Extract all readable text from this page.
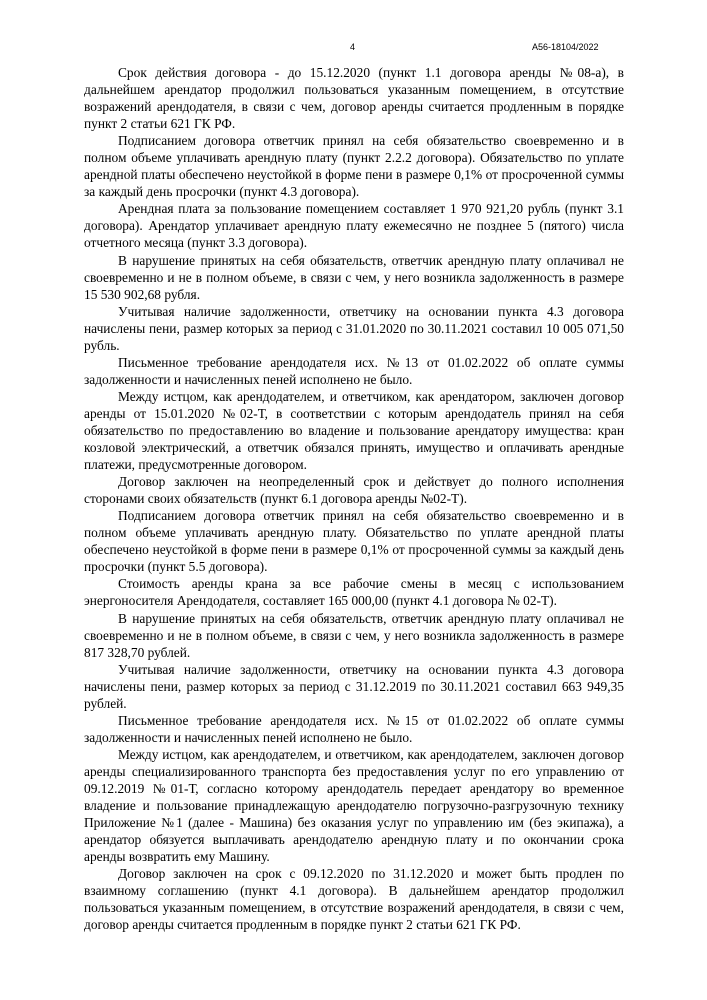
4	А56-18104/2022

Срок действия договора - до 15.12.2020 (пункт 1.1 договора аренды №08-а), в дальнейшем арендатор продолжил пользоваться указанным помещением, в отсутствие возражений арендодателя, в связи с чем, договор аренды считается продленным в порядке пункт 2 статьи 621 ГК РФ.

Подписанием договора ответчик принял на себя обязательство своевременно и в полном объеме уплачивать арендную плату (пункт 2.2.2 договора). Обязательство по уплате арендной платы обеспечено неустойкой в форме пени в размере 0,1% от просроченной суммы за каждый день просрочки (пункт 4.3 договора).

Арендная плата за пользование помещением составляет 1 970 921,20 рубль (пункт 3.1 договора). Арендатор уплачивает арендную плату ежемесячно не позднее 5 (пятого) числа отчетного месяца (пункт 3.3 договора).

В нарушение принятых на себя обязательств, ответчик арендную плату оплачивал не своевременно и не в полном объеме, в связи с чем, у него возникла задолженность в размере 15 530 902,68 рубля.

Учитывая наличие задолженности, ответчику на основании пункта 4.3 договора начислены пени, размер которых за период с 31.01.2020 по 30.11.2021 составил 10 005 071,50 рубль.

Письменное требование арендодателя исх. №13 от 01.02.2022 об оплате суммы задолженности и начисленных пеней исполнено не было.

Между истцом, как арендодателем, и ответчиком, как арендатором, заключен договор аренды от 15.01.2020 №02-Т, в соответствии с которым арендодатель принял на себя обязательство по предоставлению во владение и пользование арендатору имущества: кран козловой электрический, а ответчик обязался принять, имущество и оплачивать арендные платежи, предусмотренные договором.

Договор заключен на неопределенный срок и действует до полного исполнения сторонами своих обязательств (пункт 6.1 договора аренды №02-Т).

Подписанием договора ответчик принял на себя обязательство своевременно и в полном объеме уплачивать арендную плату. Обязательство по уплате арендной платы обеспечено неустойкой в форме пени в размере 0,1% от просроченной суммы за каждый день просрочки (пункт 5.5 договора).

Стоимость аренды крана за все рабочие смены в месяц с использованием энергоносителя Арендодателя, составляет 165 000,00 (пункт 4.1 договора № 02-Т).

В нарушение принятых на себя обязательств, ответчик арендную плату оплачивал не своевременно и не в полном объеме, в связи с чем, у него возникла задолженность в размере 817 328,70 рублей.

Учитывая наличие задолженности, ответчику на основании пункта 4.3 договора начислены пени, размер которых за период с 31.12.2019 по 30.11.2021 составил 663 949,35 рублей.

Письменное требование арендодателя исх. №15 от 01.02.2022 об оплате суммы задолженности и начисленных пеней исполнено не было.

Между истцом, как арендодателем, и ответчиком, как арендодателем, заключен договор аренды специализированного транспорта без предоставления услуг по его управлению от 09.12.2019 №01-Т, согласно которому арендодатель передает арендатору во временное владение и пользование принадлежащую арендодателю погрузочно-разгрузочную технику Приложение №1 (далее - Машина) без оказания услуг по управлению им (без экипажа), а арендатор обязуется выплачивать арендодателю арендную плату и по окончании срока аренды возвратить ему Машину.

Договор заключен на срок с 09.12.2020 по 31.12.2020 и может быть продлен по взаимному соглашению (пункт 4.1 договора). В дальнейшем арендатор продолжил пользоваться указанным помещением, в отсутствие возражений арендодателя, в связи с чем, договор аренды считается продленным в порядке пункт 2 статьи 621 ГК РФ.
